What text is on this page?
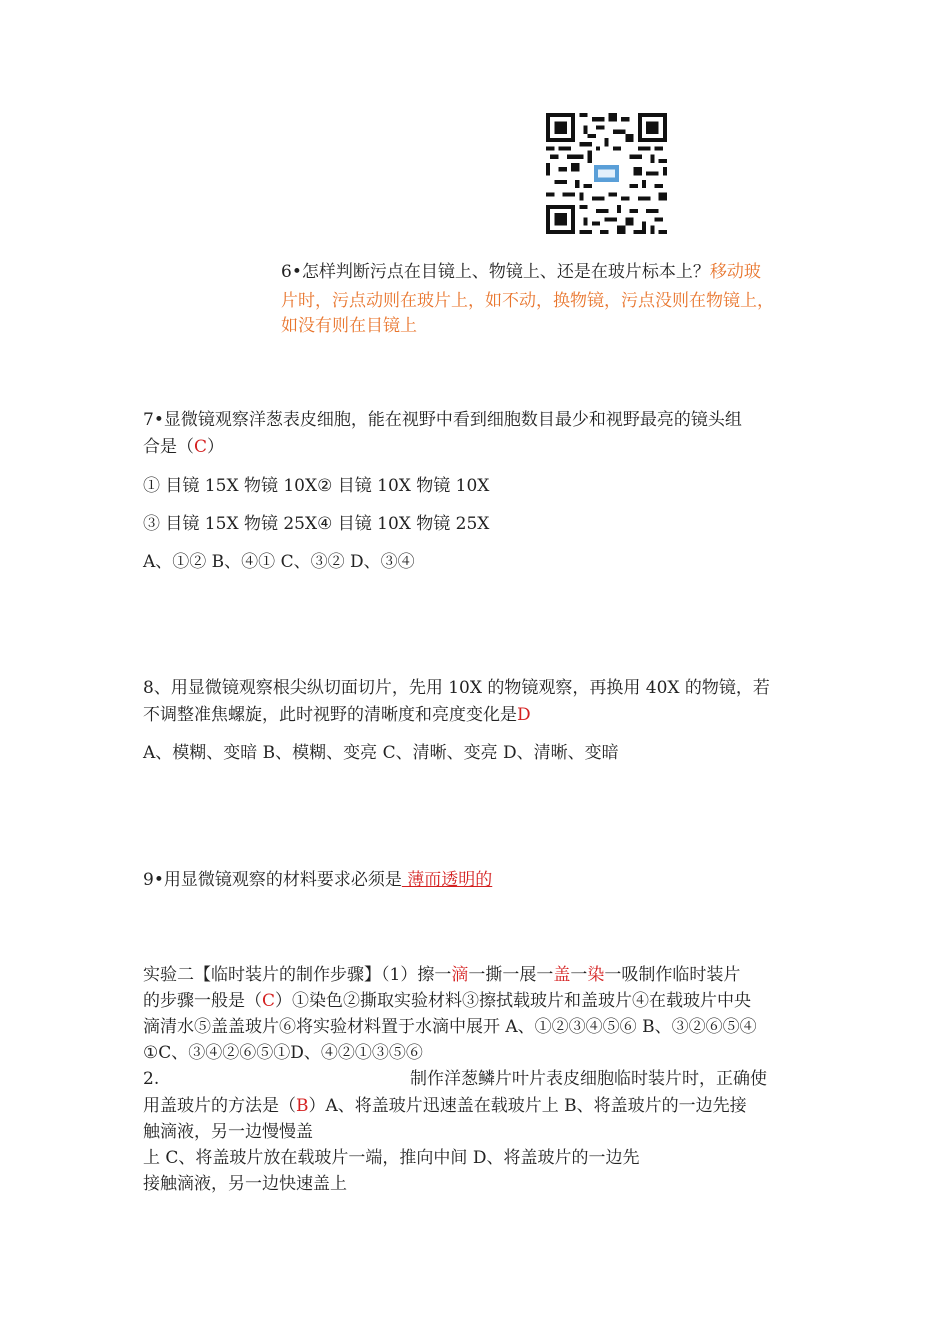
6•怎样判断污点在目镜上、物镜上、还是在玻片标本上？移动玻
片时，污点动则在玻片上，如不动，换物镜，污点没则在物镜上，
如没有则在目镜上
7•显微镜观察洋葱表皮细胞，能在视野中看到细胞数目最少和视野最亮的镜头组
合是（C）
① 目镜 15X 物镜 10X② 目镜 10X 物镜 10X
③ 目镜 15X 物镜 25X④ 目镜 10X 物镜 25X
A、①② B、④① C、③② D、③④
8、用显微镜观察根尖纵切面切片，先用 10X 的物镜观察，再换用 40X 的物镜，若
不调整准焦螺旋，此时视野的清晰度和亮度变化是D
A、模糊、变暗 B、模糊、变亮 C、清晰、变亮 D、清晰、变暗
9•用显微镜观察的材料要求必须是 薄而透明的
实验二【临时装片的制作步骤】（1）擦一滴一撕一展一盖一染一吸制作临时装片
的步骤一般是（C）①染色②撕取实验材料③擦拭载玻片和盖玻片④在载玻片中央
滴清水⑤盖盖玻片⑥将实验材料置于水滴中展开 A、①②③④⑤⑥ B、③②⑥⑤④
①C、③④②⑥⑤①D、④②①③⑤⑥
2.	制作洋葱鳞片叶片表皮细胞临时装片时，正确使
用盖玻片的方法是（B）A、将盖玻片迅速盖在载玻片上 B、将盖玻片的一边先接
触滴液，另一边慢慢盖
上 C、将盖玻片放在载玻片一端，推向中间 D、将盖玻片的一边先
接触滴液，另一边快速盖上
